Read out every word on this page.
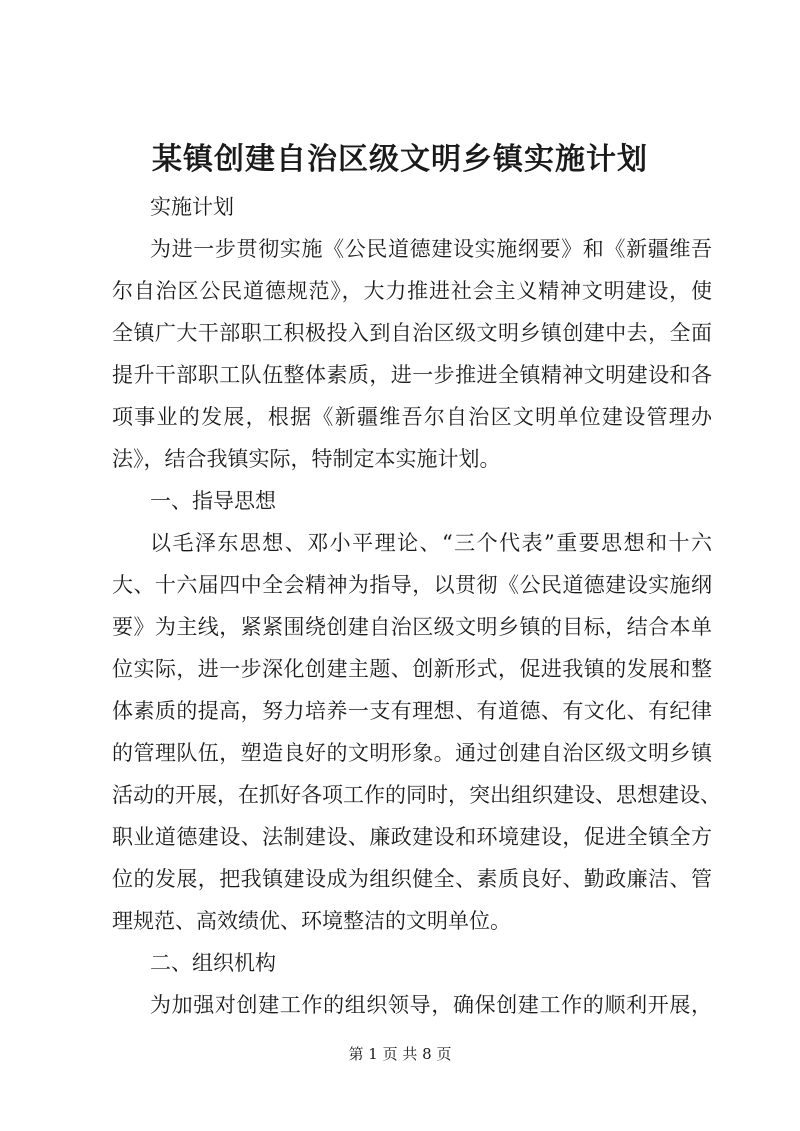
某镇创建自治区级文明乡镇实施计划
实施计划
为进一步贯彻实施《公民道德建设实施纲要》和《新疆维吾
尔自治区公民道德规范》，大力推进社会主义精神文明建设，使
全镇广大干部职工积极投入到自治区级文明乡镇创建中去，全面
提升干部职工队伍整体素质，进一步推进全镇精神文明建设和各
项事业的发展，根据《新疆维吾尔自治区文明单位建设管理办
法》，结合我镇实际，特制定本实施计划。
一、指导思想
以毛泽东思想、邓小平理论、“三个代表”重要思想和十六
大、十六届四中全会精神为指导，以贯彻《公民道德建设实施纲
要》为主线，紧紧围绕创建自治区级文明乡镇的目标，结合本单
位实际，进一步深化创建主题、创新形式，促进我镇的发展和整
体素质的提高，努力培养一支有理想、有道德、有文化、有纪律
的管理队伍，塑造良好的文明形象。通过创建自治区级文明乡镇
活动的开展，在抓好各项工作的同时，突出组织建设、思想建设、
职业道德建设、法制建设、廉政建设和环境建设，促进全镇全方
位的发展，把我镇建设成为组织健全、素质良好、勤政廉洁、管
理规范、高效绩优、环境整洁的文明单位。
二、组织机构
为加强对创建工作的组织领导，确保创建工作的顺利开展，
第 1 页 共 8 页
